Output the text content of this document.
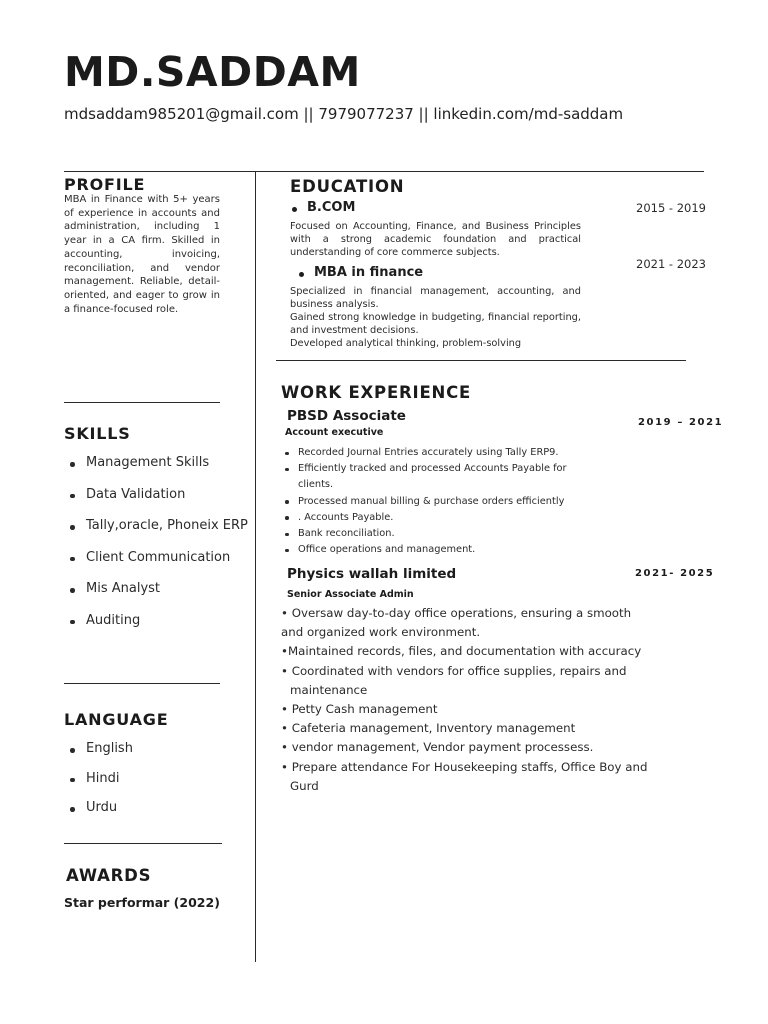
MD.SADDAM
mdsaddam985201@gmail.com || 7979077237 || linkedin.com/md-saddam
PROFILE
MBA in Finance with 5+ years of experience in accounts and administration, including 1 year in a CA firm. Skilled in accounting, invoicing, reconciliation, and vendor management. Reliable, detail-oriented, and eager to grow in a finance-focused role.
SKILLS
Management Skills
Data Validation
Tally,oracle, Phoneix ERP
Client Communication
Mis Analyst
Auditing
LANGUAGE
English
Hindi
Urdu
AWARDS
Star performar (2022)
EDUCATION
B.COM	2015 - 2019
Focused on Accounting, Finance, and Business Principles with a strong academic foundation and practical understanding of core commerce subjects.
MBA in finance
2021 - 2023
Specialized in financial management, accounting, and business analysis.
Gained strong knowledge in budgeting, financial reporting, and investment decisions.
Developed analytical thinking, problem-solving
WORK EXPERIENCE
PBSD Associate
Account executive
2019 – 2021
Recorded Journal Entries accurately using Tally ERP9.
Efficiently tracked and processed Accounts Payable for
clients.
Processed manual billing & purchase orders efficiently
. Accounts Payable.
Bank reconciliation.
Office operations and management.
Physics wallah limited
Senior Associate Admin
2021- 2025
• Oversaw day-to-day office operations, ensuring a smooth
and organized work environment.
•Maintained records, files, and documentation with accuracy
• Coordinated with vendors for office supplies, repairs and
maintenance
• Petty Cash management
• Cafeteria management, Inventory management
• vendor management, Vendor payment processess.
• Prepare attendance For Housekeeping staffs, Office Boy and
Gurd
